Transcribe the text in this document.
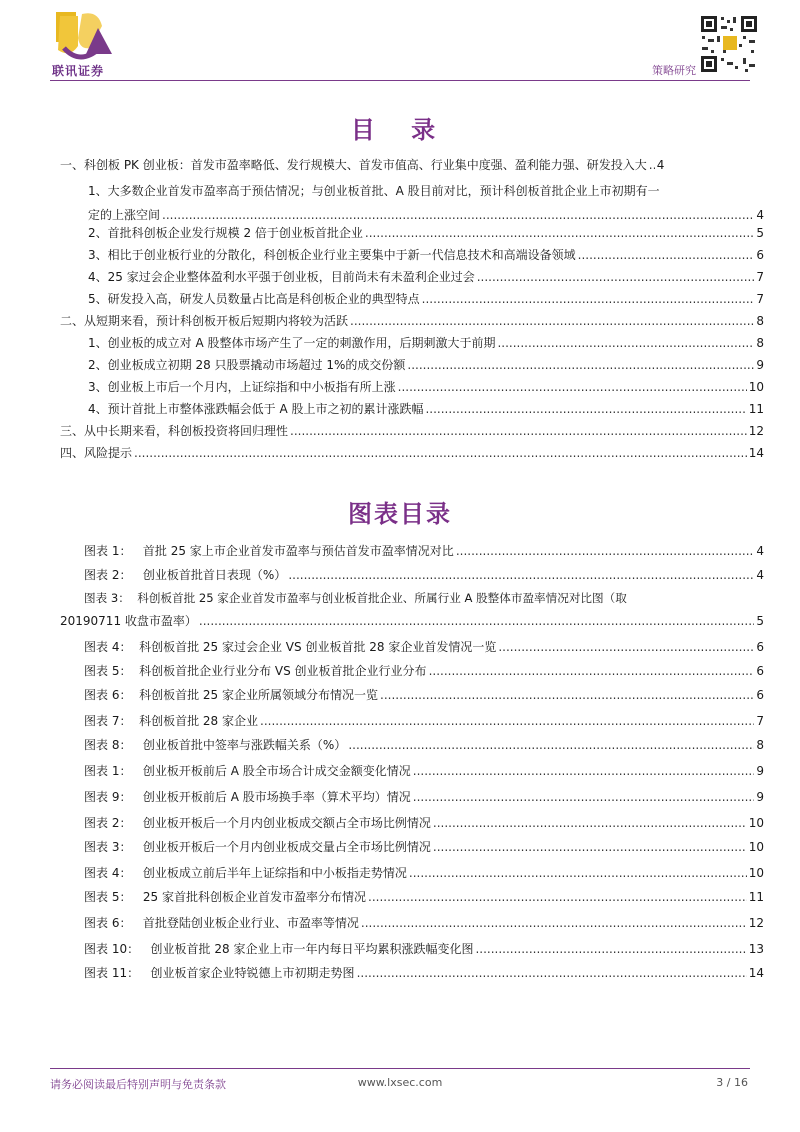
联讯证券	策略研究
目 录
一、科创板 PK 创业板：首发市盈率略低、发行规模大、首发市值高、行业集中度强、盈利能力强、研发投入大 ..... 4
1、大多数企业首发市盈率高于预估情况；与创业板首批、A 股目前对比，预计科创板首批企业上市初期有一
定的上涨空间 .....	4
2、首批科创板企业发行规模 2 倍于创业板首批企业 .....	5
3、相比于创业板行业的分散化，科创板企业行业主要集中于新一代信息技术和高端设备领域 .....	6
4、25 家过会企业整体盈利水平强于创业板，目前尚未有未盈利企业过会 .....	7
5、研发投入高，研发人员数量占比高是科创板企业的典型特点 .....	7
二、从短期来看，预计科创板开板后短期内将较为活跃 .....	8
1、创业板的成立对 A 股整体市场产生了一定的刺激作用，后期刺激大于前期 .....	8
2、创业板成立初期 28 只股票撬动市场超过 1%的成交份额 .....	9
3、创业板上市后一个月内，上证综指和中小板指有所上涨 .....	10
4、预计首批上市整体涨跌幅会低于 A 股上市之初的累计涨跌幅 .....	11
三、从中长期来看，科创板投资将回归理性 .....	12
四、风险提示 .....	14
图表目录
图表 1： 首批 25 家上市企业首发市盈率与预估首发市盈率情况对比 .....	4
图表 2： 创业板首批首日表现（%） .....	4
图表 3： 科创板首批 25 家企业首发市盈率与创业板首批企业、所属行业 A 股整体市盈率情况对比图（取
20190711 收盘市盈率） .....	5
图表 4： 科创板首批 25 家过会企业 VS 创业板首批 28 家企业首发情况一览 .....	6
图表 5： 科创板首批企业行业分布 VS 创业板首批企业行业分布 .....	6
图表 6： 科创板首批 25 家企业所属领域分布情况一览 .....	6
图表 7： 科创板首批 28 家企业 .....	7
图表 8： 创业板首批中签率与涨跌幅关系（%） .....	8
图表 1： 创业板开板前后 A 股全市场合计成交金额变化情况 .....	9
图表 9： 创业板开板前后 A 股市场换手率（算术平均）情况 .....	9
图表 2： 创业板开板后一个月内创业板成交额占全市场比例情况 .....	10
图表 3： 创业板开板后一个月内创业板成交量占全市场比例情况 .....	10
图表 4： 创业板成立前后半年上证综指和中小板指走势情况 .....	10
图表 5： 25 家首批科创板企业首发市盈率分布情况 .....	11
图表 6： 首批登陆创业板企业行业、市盈率等情况 .....	12
图表 10： 创业板首批 28 家企业上市一年内每日平均累积涨跌幅变化图 .....	13
图表 11： 创业板首家企业特锐德上市初期走势图 .....	14
请务必阅读最后特别声明与免责条款	www.lxsec.com	3 / 16
